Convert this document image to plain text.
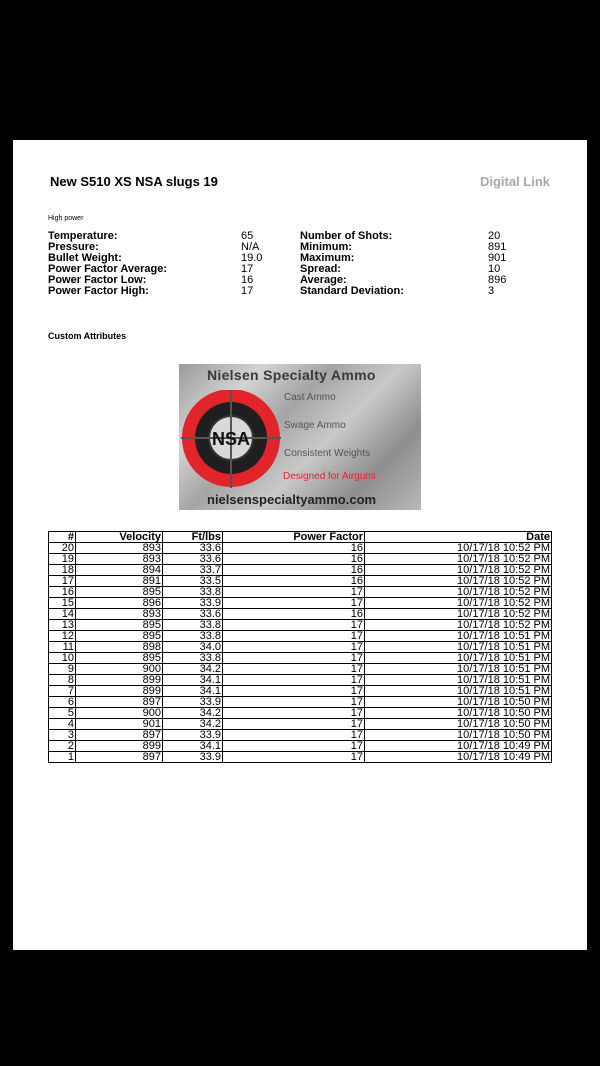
New S510 XS NSA slugs 19	Digital Link
High power
Temperature:	65	Number of Shots:	20
Pressure:	N/A	Minimum:	891
Bullet Weight:	19.0	Maximum:	901
Power Factor Average:	17	Spread:	10
Power Factor Low:	16	Average:	896
Power Factor High:	17	Standard Deviation:	3
Custom Attributes
Nielsen Specialty Ammo
NSA
Cast Ammo
Swage Ammo
Consistent Weights
Designed for Airguns
nielsenspecialtyammo.com
#	Velocity	Ft/lbs	Power Factor	Date
20	893	33.6	16	10/17/18 10:52 PM
19	893	33.6	16	10/17/18 10:52 PM
18	894	33.7	16	10/17/18 10:52 PM
17	891	33.5	16	10/17/18 10:52 PM
16	895	33.8	17	10/17/18 10:52 PM
15	896	33.9	17	10/17/18 10:52 PM
14	893	33.6	16	10/17/18 10:52 PM
13	895	33.8	17	10/17/18 10:52 PM
12	895	33.8	17	10/17/18 10:51 PM
11	898	34.0	17	10/17/18 10:51 PM
10	895	33.8	17	10/17/18 10:51 PM
9	900	34.2	17	10/17/18 10:51 PM
8	899	34.1	17	10/17/18 10:51 PM
7	899	34.1	17	10/17/18 10:51 PM
6	897	33.9	17	10/17/18 10:50 PM
5	900	34.2	17	10/17/18 10:50 PM
4	901	34.2	17	10/17/18 10:50 PM
3	897	33.9	17	10/17/18 10:50 PM
2	899	34.1	17	10/17/18 10:49 PM
1	897	33.9	17	10/17/18 10:49 PM
